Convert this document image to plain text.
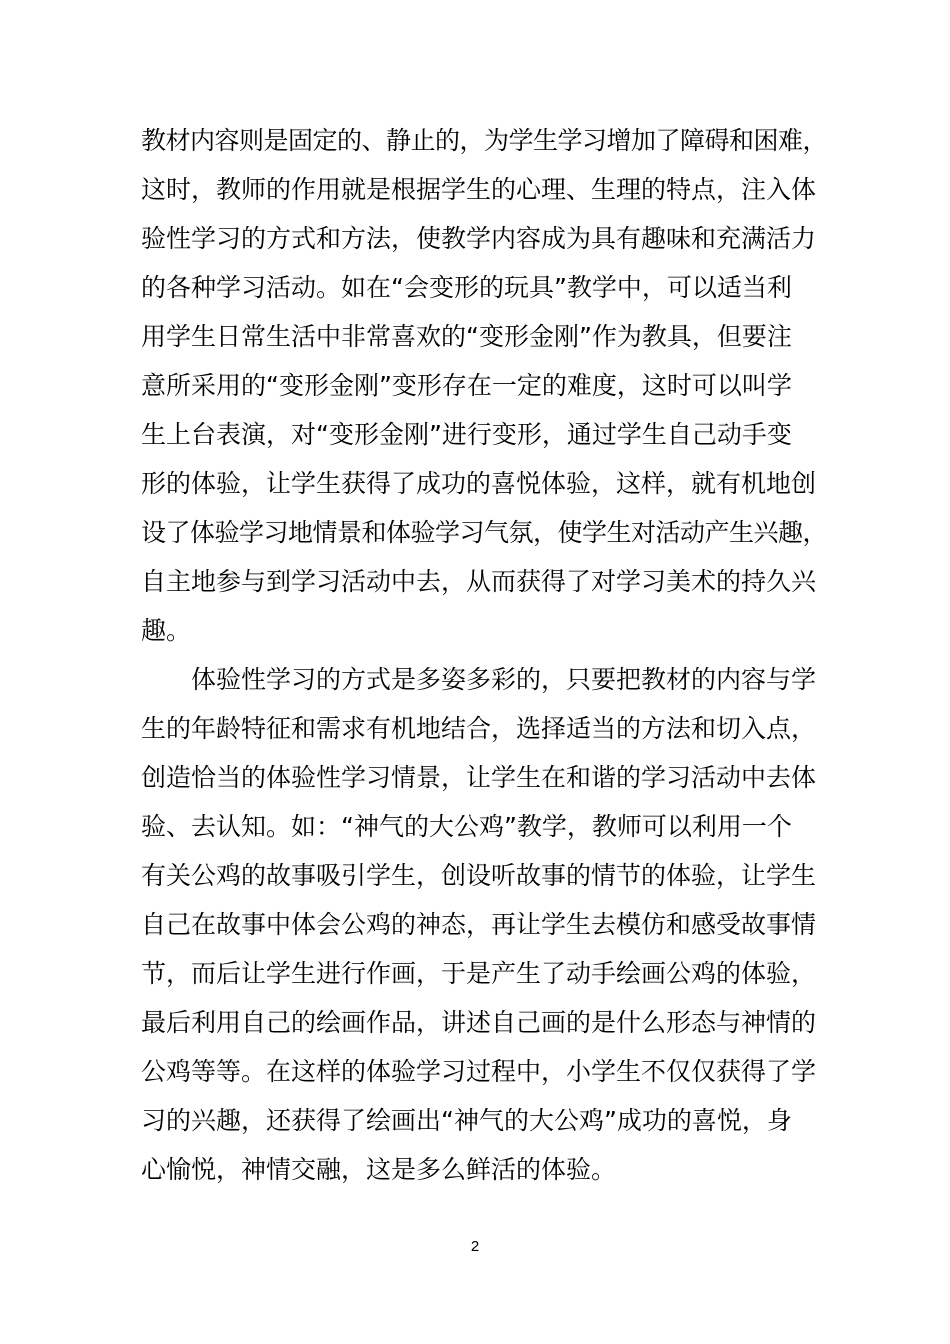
教材内容则是固定的、静止的，为学生学习增加了障碍和困难，
这时，教师的作用就是根据学生的心理、生理的特点，注入体
验性学习的方式和方法，使教学内容成为具有趣味和充满活力
的各种学习活动。如在“会变形的玩具”教学中，可以适当利
用学生日常生活中非常喜欢的“变形金刚”作为教具，但要注
意所采用的“变形金刚”变形存在一定的难度，这时可以叫学
生上台表演，对“变形金刚”进行变形，通过学生自己动手变
形的体验，让学生获得了成功的喜悦体验，这样，就有机地创
设了体验学习地情景和体验学习气氛，使学生对活动产生兴趣，
自主地参与到学习活动中去，从而获得了对学习美术的持久兴
趣。
　　体验性学习的方式是多姿多彩的，只要把教材的内容与学
生的年龄特征和需求有机地结合，选择适当的方法和切入点，
创造恰当的体验性学习情景，让学生在和谐的学习活动中去体
验、去认知。如：“神气的大公鸡”教学，教师可以利用一个
有关公鸡的故事吸引学生，创设听故事的情节的体验，让学生
自己在故事中体会公鸡的神态，再让学生去模仿和感受故事情
节，而后让学生进行作画，于是产生了动手绘画公鸡的体验，
最后利用自己的绘画作品，讲述自己画的是什么形态与神情的
公鸡等等。在这样的体验学习过程中，小学生不仅仅获得了学
习的兴趣，还获得了绘画出“神气的大公鸡”成功的喜悦，身
心愉悦，神情交融，这是多么鲜活的体验。
2
